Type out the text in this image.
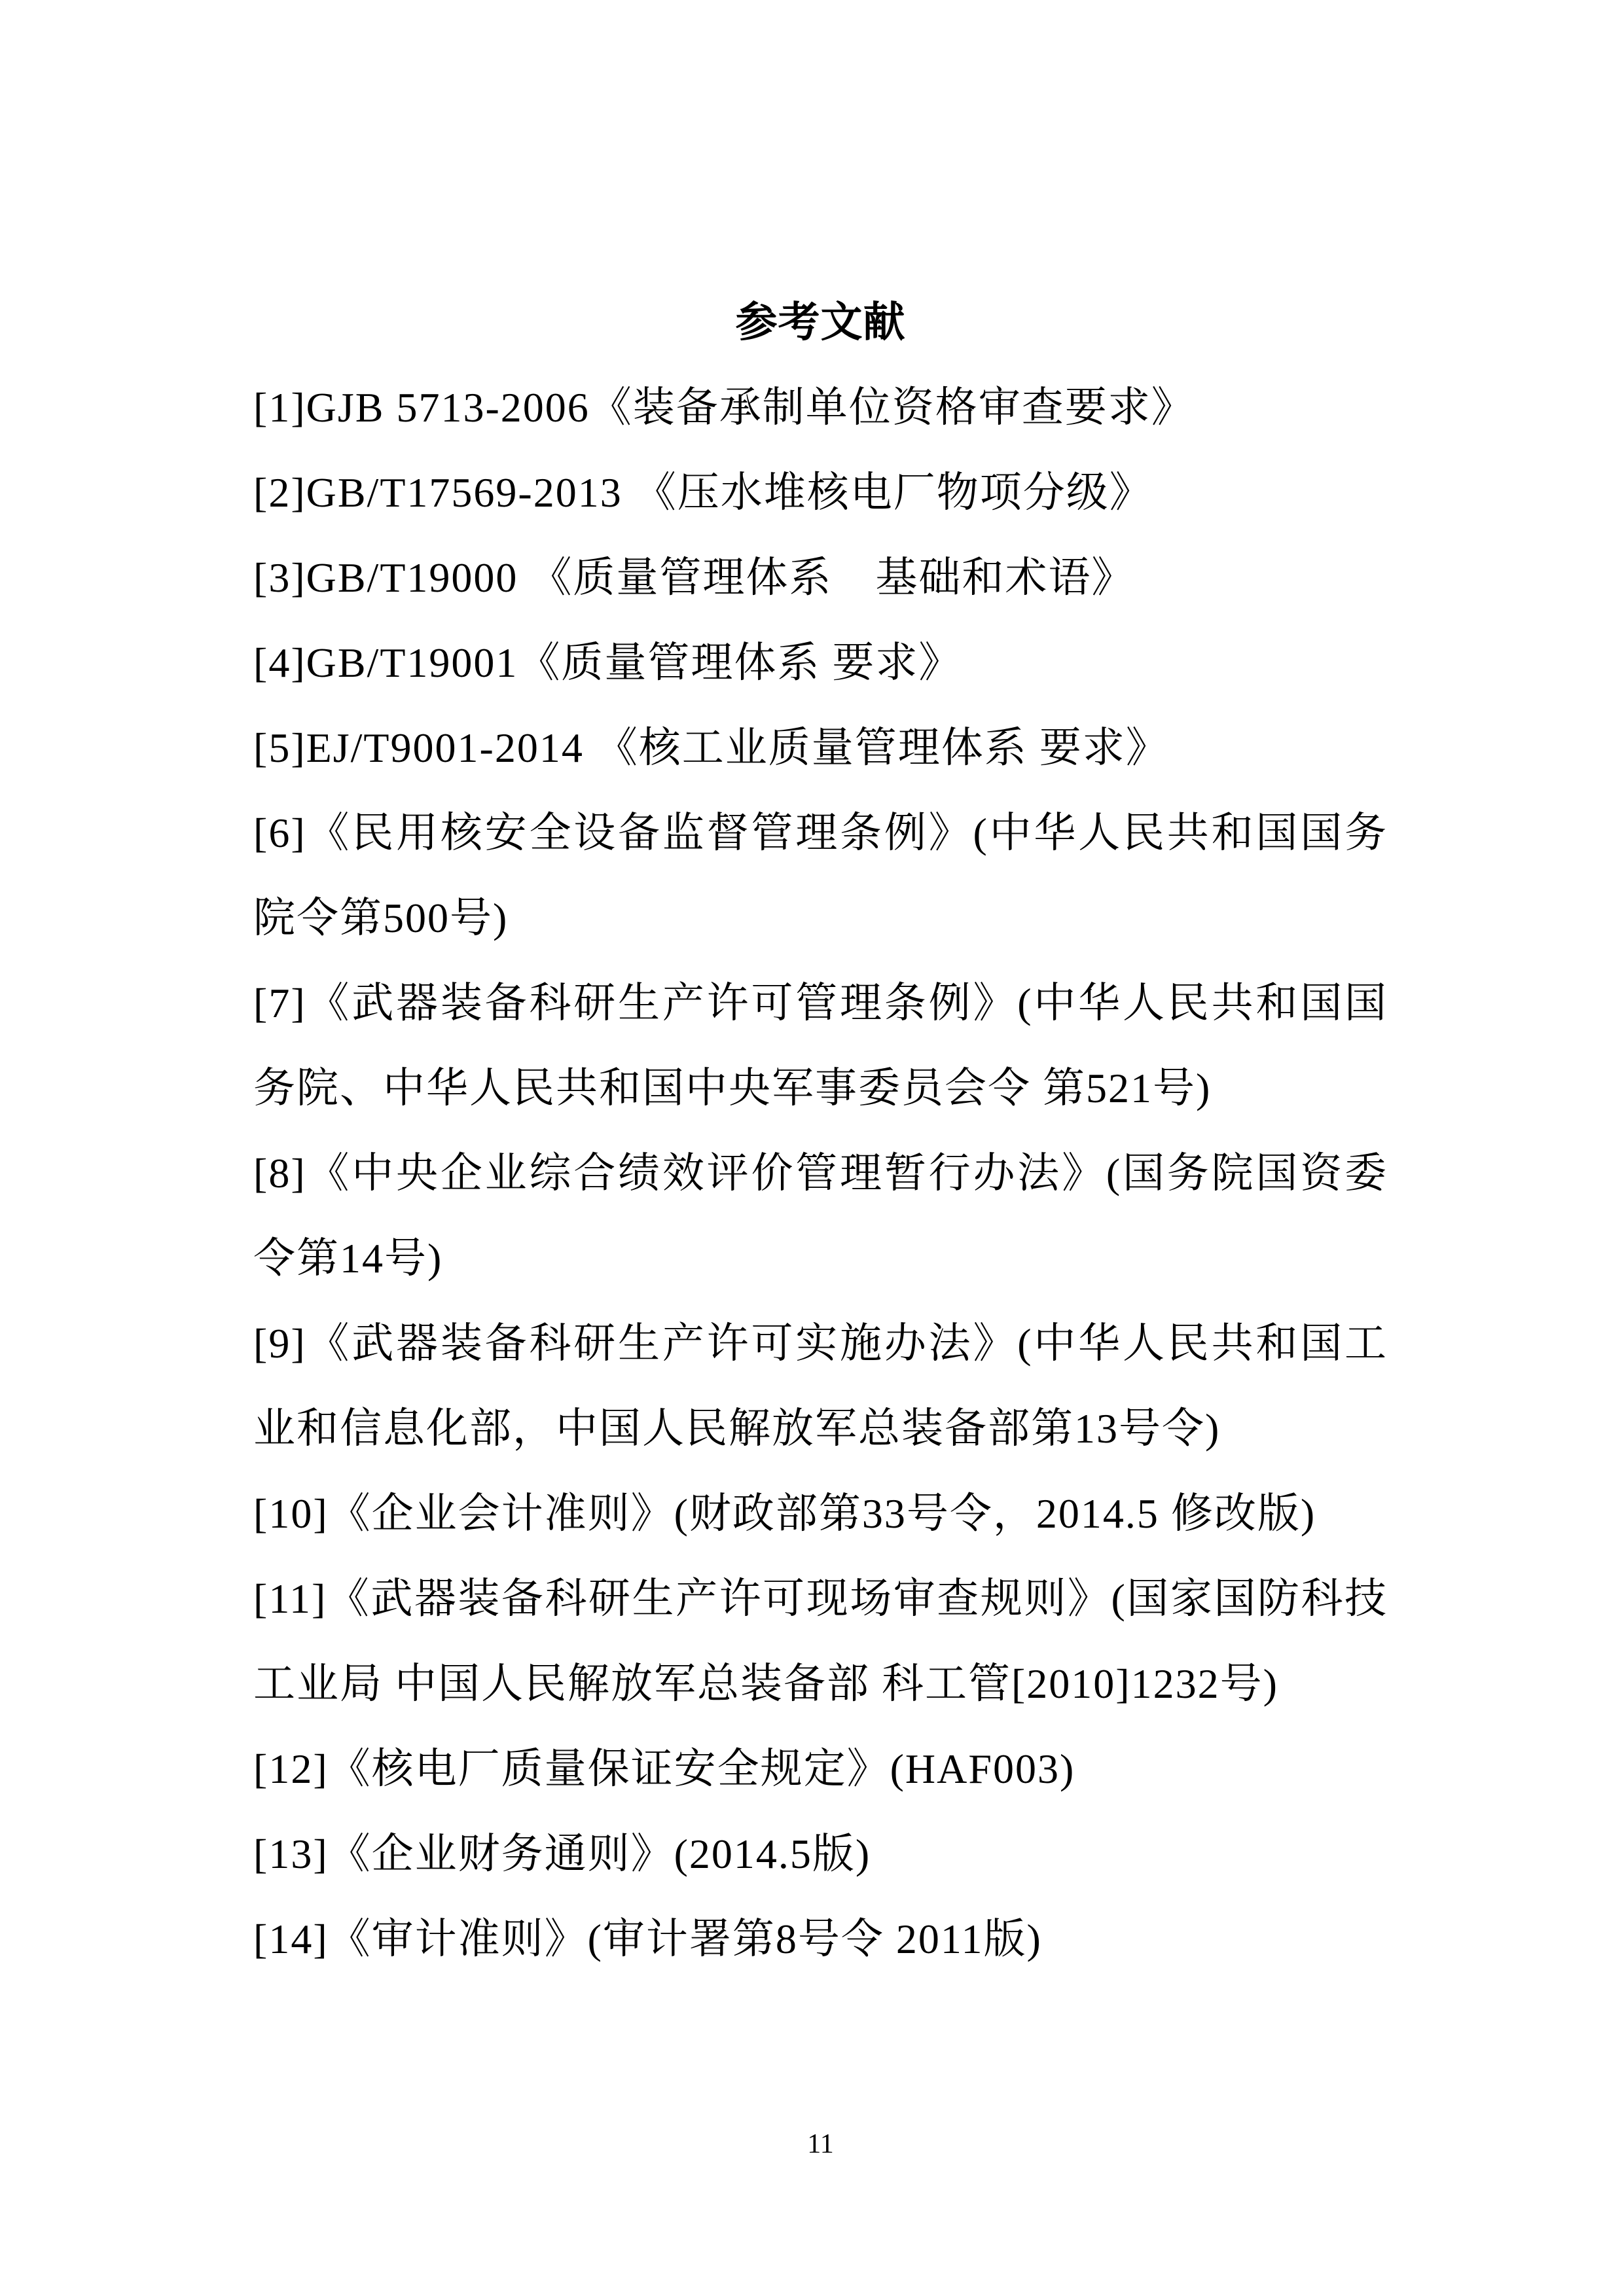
参考文献
[1]GJB 5713-2006《装备承制单位资格审查要求》
[2]GB/T17569-2013 《压水堆核电厂物项分级》
[3]GB/T19000 《质量管理体系　基础和术语》
[4]GB/T19001《质量管理体系 要求》
[5]EJ/T9001-2014 《核工业质量管理体系 要求》
[6]《民用核安全设备监督管理条例》(中华人民共和国国务
院令第500号)
[7]《武器装备科研生产许可管理条例》(中华人民共和国国
务院、中华人民共和国中央军事委员会令 第521号)
[8]《中央企业综合绩效评价管理暂行办法》(国务院国资委
令第14号)
[9]《武器装备科研生产许可实施办法》(中华人民共和国工
业和信息化部，中国人民解放军总装备部第13号令)
[10]《企业会计准则》(财政部第33号令，2014.5 修改版)
[11]《武器装备科研生产许可现场审查规则》(国家国防科技
工业局 中国人民解放军总装备部 科工管[2010]1232号)
[12]《核电厂质量保证安全规定》(HAF003)
[13]《企业财务通则》(2014.5版)
[14]《审计准则》(审计署第8号令 2011版)
11
